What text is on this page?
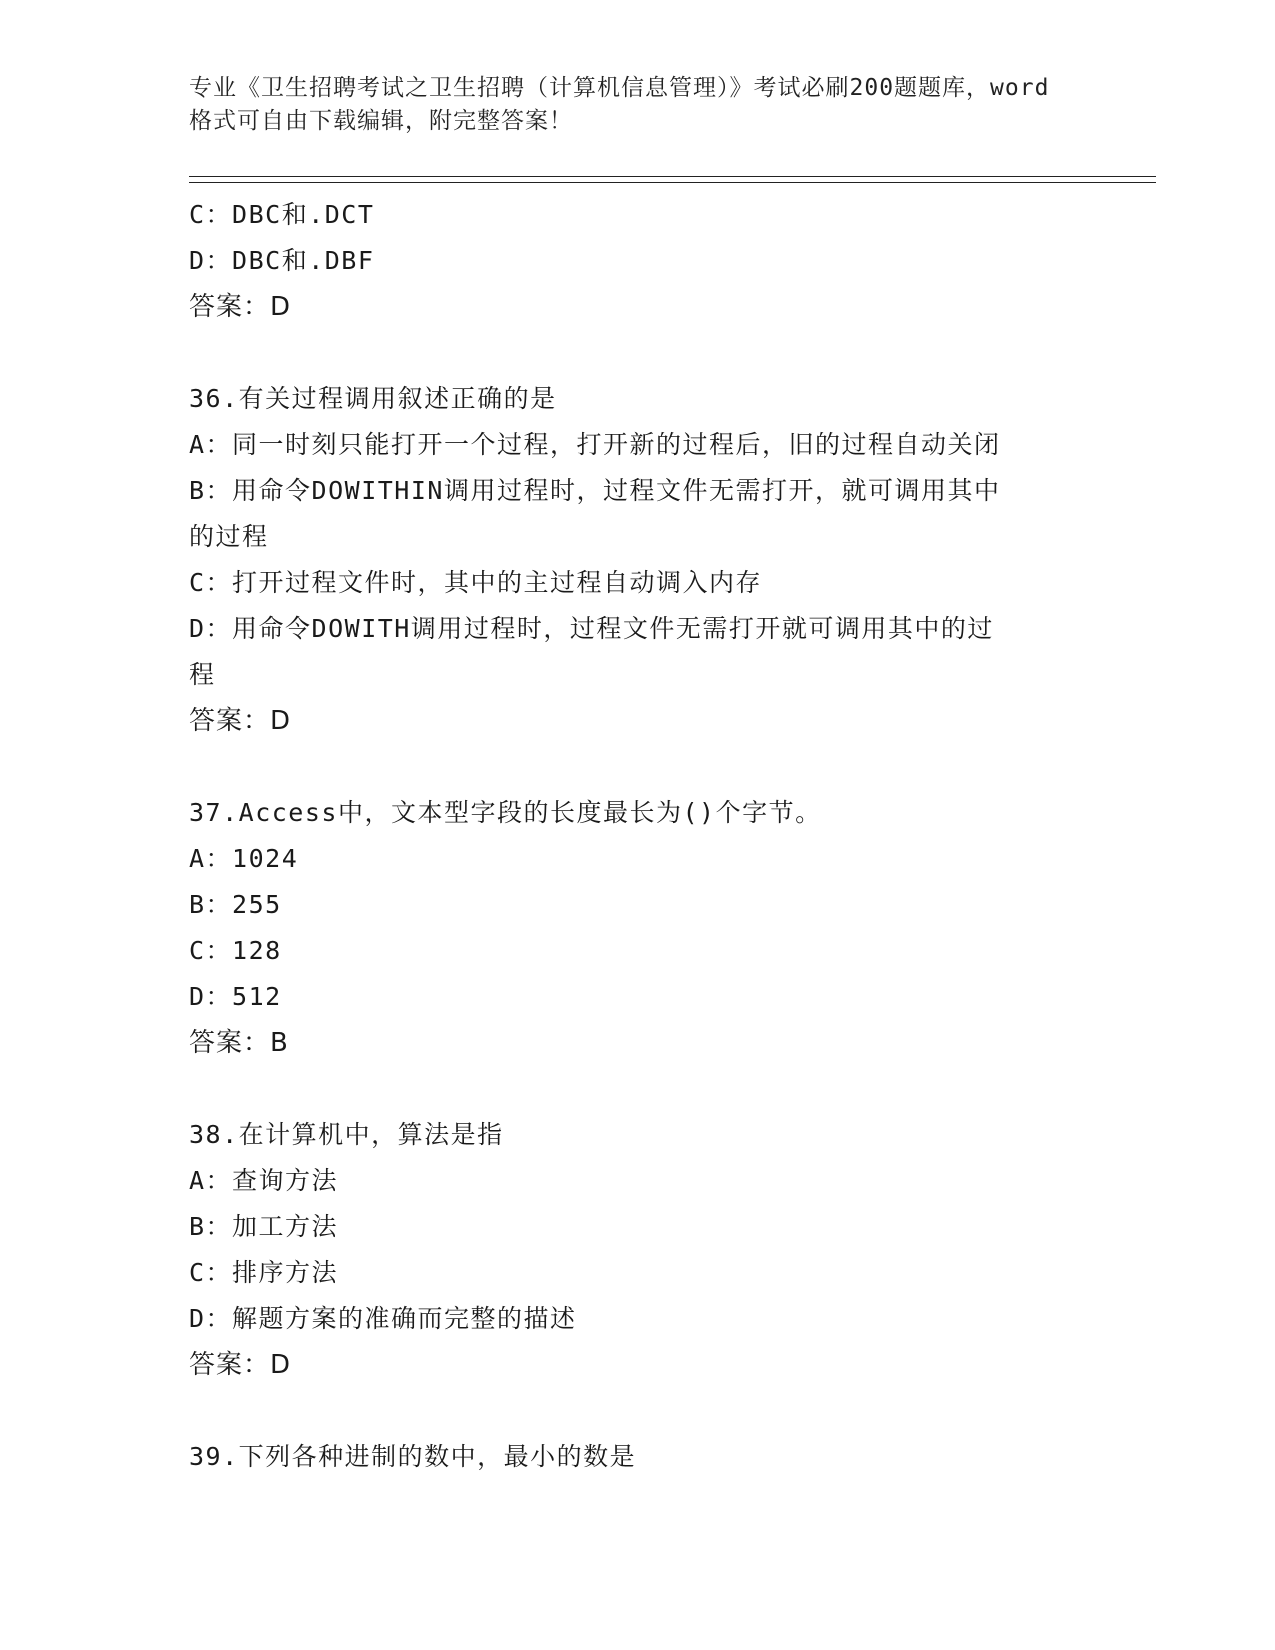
专业《卫生招聘考试之卫生招聘（计算机信息管理）》考试必刷200题题库，word
格式可自由下载编辑，附完整答案！
C：DBC和.DCT
D：DBC和.DBF
答案：D
36.有关过程调用叙述正确的是
A：同一时刻只能打开一个过程，打开新的过程后，旧的过程自动关闭
B：用命令DOWITHIN调用过程时，过程文件无需打开，就可调用其中
的过程
C：打开过程文件时，其中的主过程自动调入内存
D：用命令DOWITH调用过程时，过程文件无需打开就可调用其中的过
程
答案：D
37.Access中，文本型字段的长度最长为()个字节。
A：1024
B：255
C：128
D：512
答案：B
38.在计算机中，算法是指
A：查询方法
B：加工方法
C：排序方法
D：解题方案的准确而完整的描述
答案：D
39.下列各种进制的数中，最小的数是
